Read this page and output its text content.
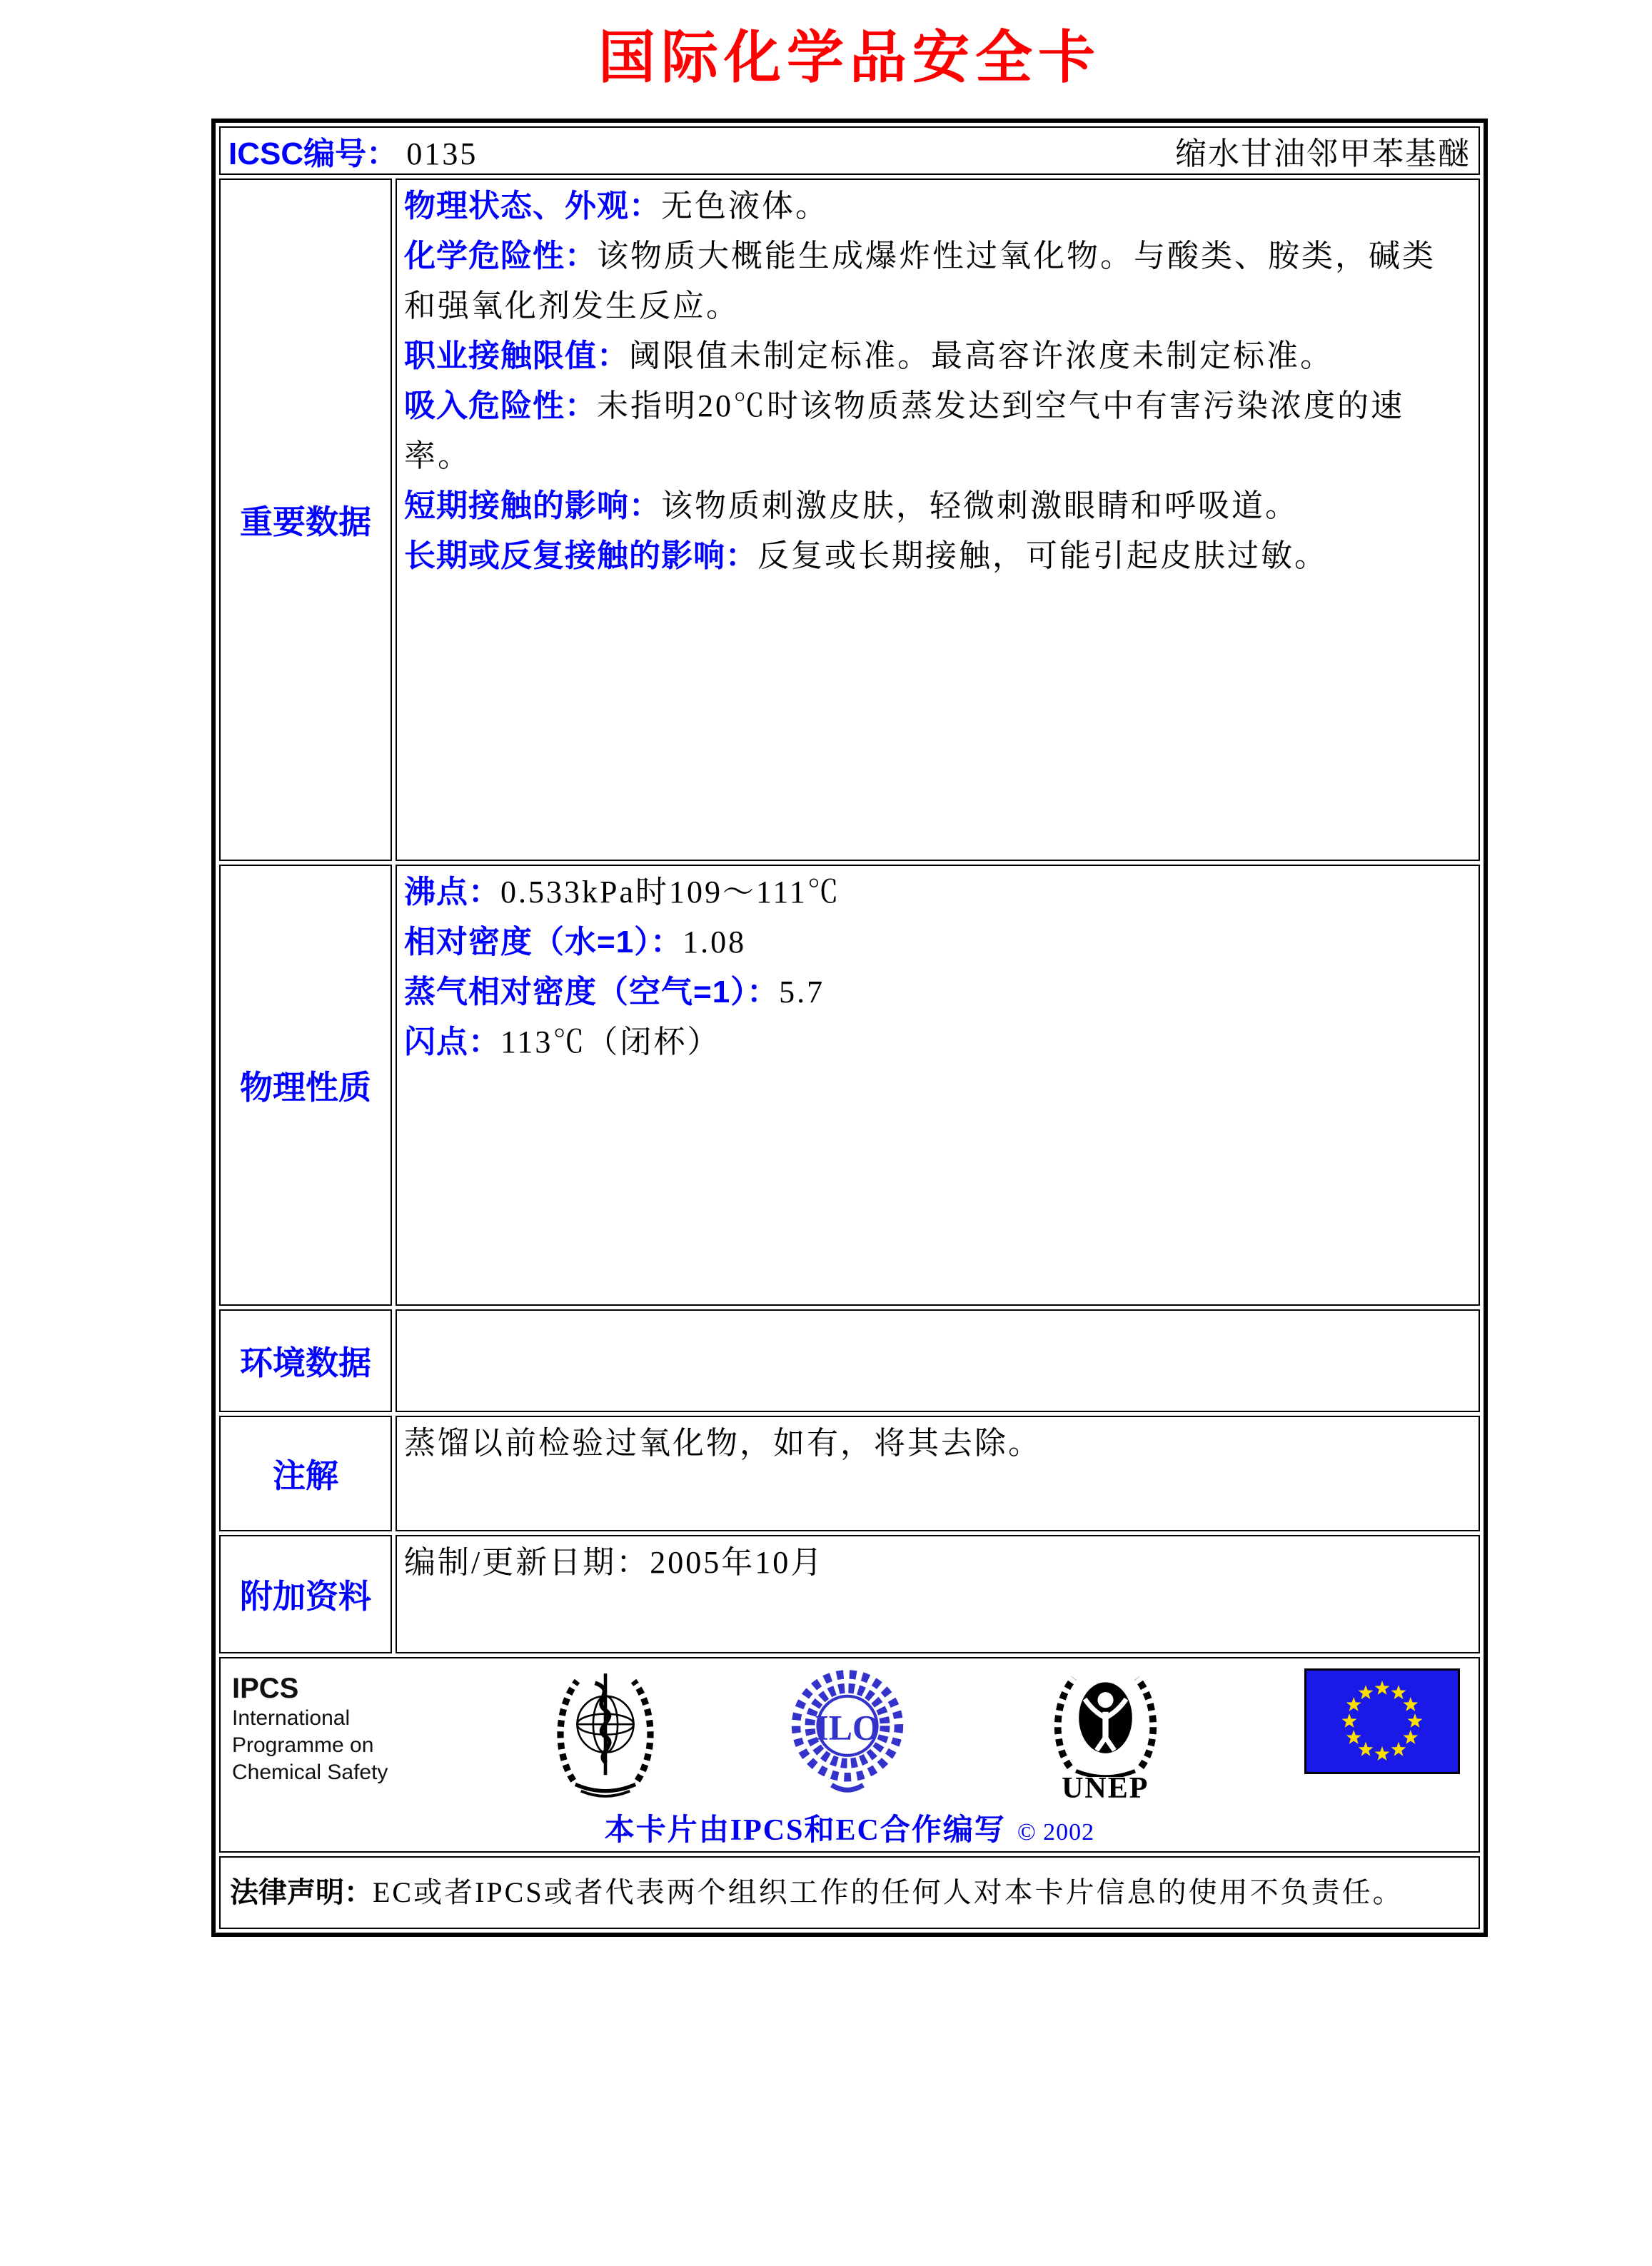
国际化学品安全卡
ICSC编号： 0135 缩水甘油邻甲苯基醚	

重要数据	

物理状态、外观：无色液体。

化学危险性：该物质大概能生成爆炸性过氧化物。与酸类、胺类，碱类和强氧化剂发生反应。

职业接触限值：阈限值未制定标准。最高容许浓度未制定标准。

吸入危险性：未指明20℃时该物质蒸发达到空气中有害污染浓度的速率。

短期接触的影响：该物质刺激皮肤，轻微刺激眼睛和呼吸道。

长期或反复接触的影响：反复或长期接触，可能引起皮肤过敏。

物理性质	沸点：0.533kPa时109～111℃

相对密度（水=1）：1.08

蒸气相对密度（空气=1）：5.7

闪点：113℃（闭杯）

环境数据	

注解	蒸馏以前检验过氧化物，如有，将其去除。

附加资料	编制/更新日期：2005年10月

IPCS

International
Programme on
Chemical Safety
ILO
UNEP
本卡片由IPCS和EC合作编写 © 2002

法律声明：EC或者IPCS或者代表两个组织工作的任何人对本卡片信息的使用不负责任。	
